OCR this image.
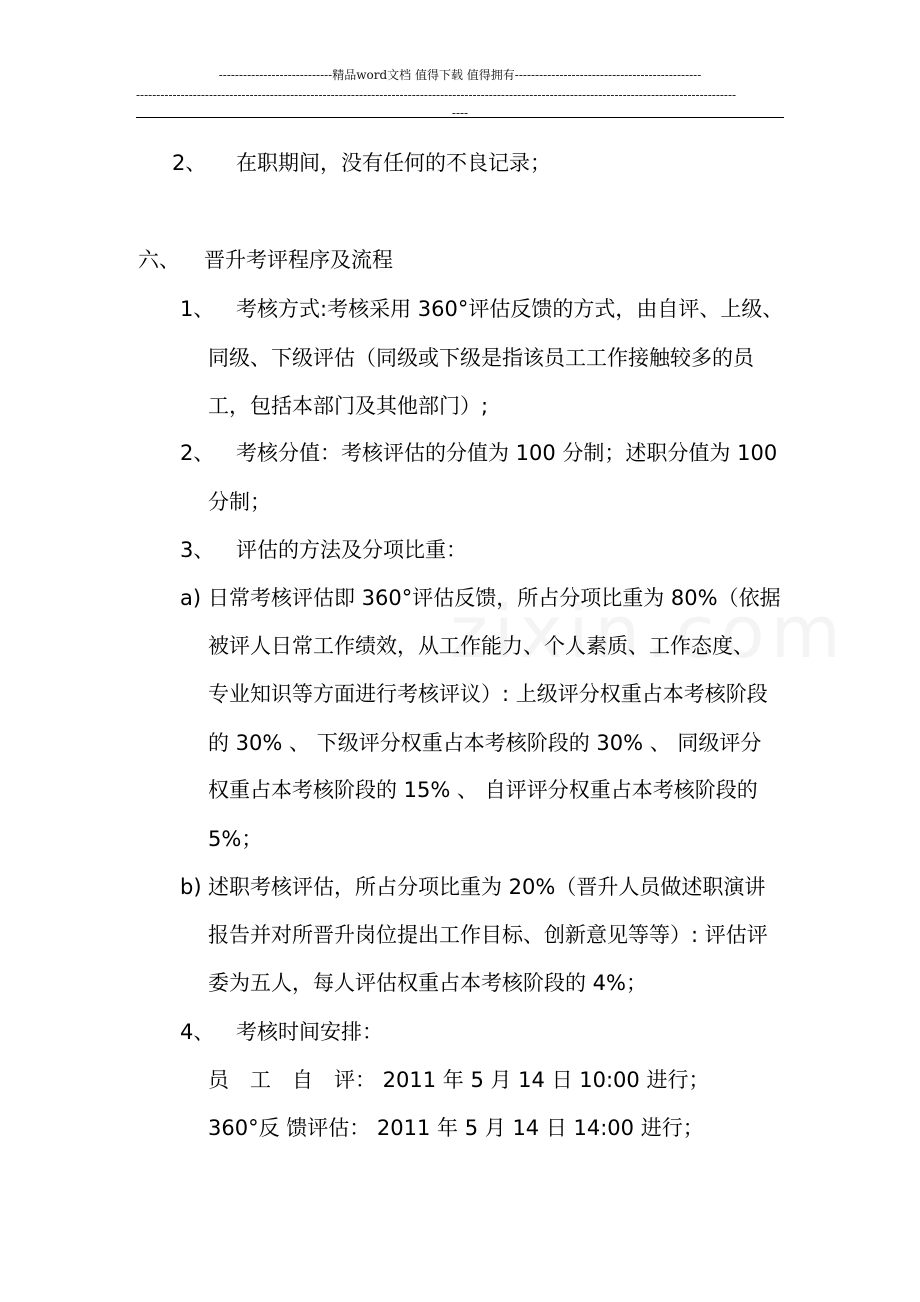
----------------------------精品word文档 值得下载 值得拥有----------------------------------------------
----------------------------------------------------------------------------------------------------------------------------------------------------
----
2、 在职期间，没有任何的不良记录；
六、 晋升考评程序及流程
1、 考核方式:考核采用 360°评估反馈的方式，由自评、上级、
同级、下级评估（同级或下级是指该员工工作接触较多的员
工，包括本部门及其他部门）;
2、 考核分值：考核评估的分值为 100 分制；述职分值为 100
分制；
3、 评估的方法及分项比重：
a) 日常考核评估即 360°评估反馈，所占分项比重为 80%（依据
被评人日常工作绩效，从工作能力、个人素质、工作态度、
专业知识等方面进行考核评议）: 上级评分权重占本考核阶段
的 30% 、 下级评分权重占本考核阶段的 30% 、 同级评分
权重占本考核阶段的 15% 、 自评评分权重占本考核阶段的
5%；
b) 述职考核评估，所占分项比重为 20%（晋升人员做述职演讲
报告并对所晋升岗位提出工作目标、创新意见等等）: 评估评
委为五人，每人评估权重占本考核阶段的 4%；
4、 考核时间安排：
员　工　自　评： 2011 年 5 月 14 日 10:00 进行；
360°反 馈评估： 2011 年 5 月 14 日 14:00 进行；
